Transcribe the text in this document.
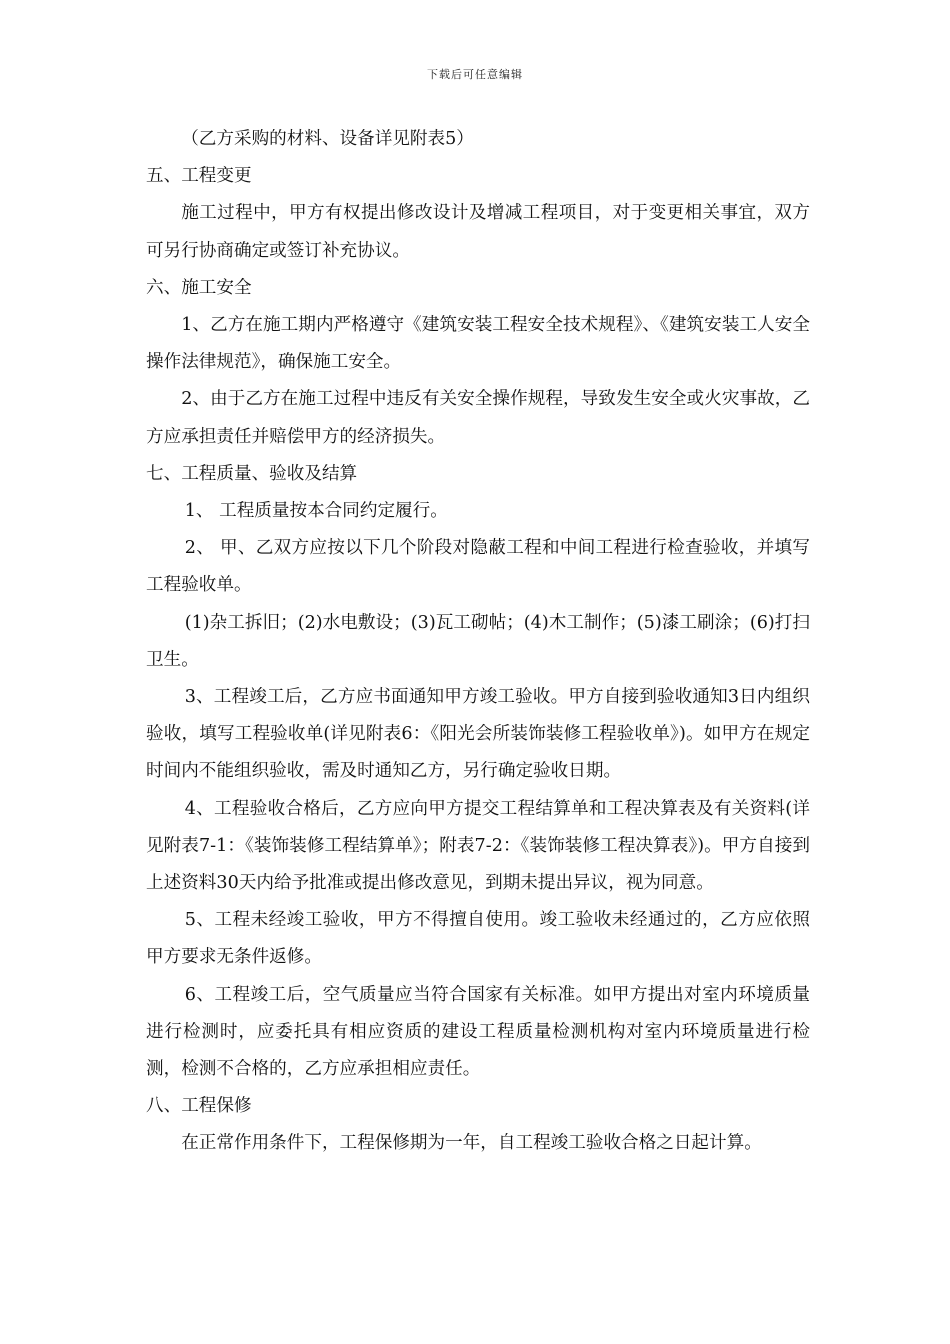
下载后可任意编辑

（乙方采购的材料、设备详见附表5）

五、工程变更

施工过程中，甲方有权提出修改设计及增减工程项目，对于变更相关事宜，双方可另行协商确定或签订补充协议。

六、施工安全

1、乙方在施工期内严格遵守《建筑安装工程安全技术规程》、《建筑安装工人安全操作法律规范》，确保施工安全。

2、由于乙方在施工过程中违反有关安全操作规程，导致发生安全或火灾事故，乙方应承担责任并赔偿甲方的经济损失。

七、工程质量、验收及结算

1、 工程质量按本合同约定履行。

2、 甲、乙双方应按以下几个阶段对隐蔽工程和中间工程进行检查验收，并填写工程验收单。

(1)杂工拆旧；(2)水电敷设；(3)瓦工砌帖；(4)木工制作；(5)漆工刷涂；(6)打扫卫生。

3、工程竣工后，乙方应书面通知甲方竣工验收。甲方自接到验收通知3日内组织验收，填写工程验收单(详见附表6：《阳光会所装饰装修工程验收单》)。如甲方在规定时间内不能组织验收，需及时通知乙方，另行确定验收日期。

4、工程验收合格后，乙方应向甲方提交工程结算单和工程决算表及有关资料(详见附表7-1：《装饰装修工程结算单》；附表7-2：《装饰装修工程决算表》)。甲方自接到上述资料30天内给予批准或提出修改意见，到期未提出异议，视为同意。

5、工程未经竣工验收，甲方不得擅自使用。竣工验收未经通过的，乙方应依照甲方要求无条件返修。

6、工程竣工后，空气质量应当符合国家有关标准。如甲方提出对室内环境质量进行检测时，应委托具有相应资质的建设工程质量检测机构对室内环境质量进行检测，检测不合格的，乙方应承担相应责任。

八、工程保修

在正常作用条件下，工程保修期为一年，自工程竣工验收合格之日起计算。
